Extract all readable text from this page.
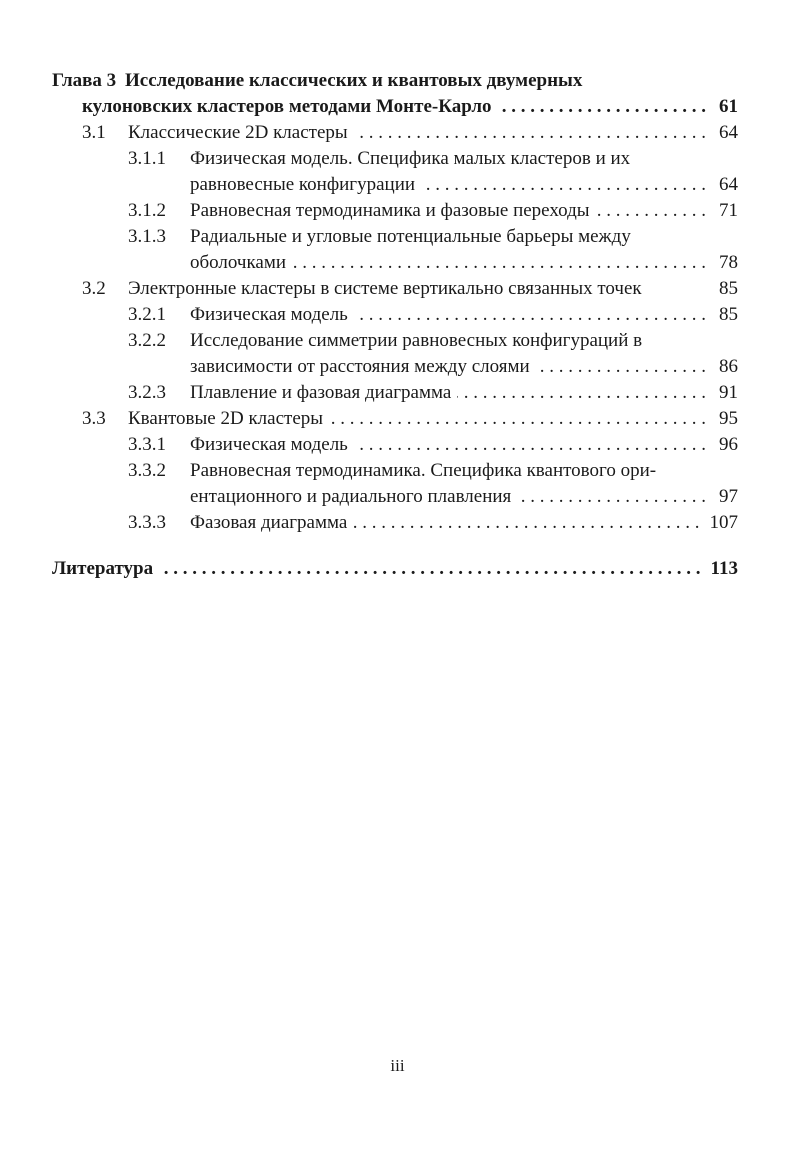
Глава 3 Исследование классических и квантовых двумерных
кулоновских кластеров методами Монте-Карло . . .	61
3.1 Классические 2D кластеры . . .	64
3.1.1 Физическая модель. Специфика малых кластеров и их
равновесные конфигурации . . .	64
3.1.2 Равновесная термодинамика и фазовые переходы . . .	71
3.1.3 Радиальные и угловые потенциальные барьеры между
оболочками . . .	78
3.2 Электронные кластеры в системе вертикально связанных точек	85
3.2.1 Физическая модель . . .	85
3.2.2 Исследование симметрии равновесных конфигураций в
зависимости от расстояния между слоями . . .	86
3.2.3 Плавление и фазовая диаграмма . . .	91
3.3 Квантовые 2D кластеры . . .	95
3.3.1 Физическая модель . . .	96
3.3.2 Равновесная термодинамика. Специфика квантового ори-
ентационного и радиального плавления . . .	97
3.3.3 Фазовая диаграмма . . .	107
Литература . . .	113
iii
